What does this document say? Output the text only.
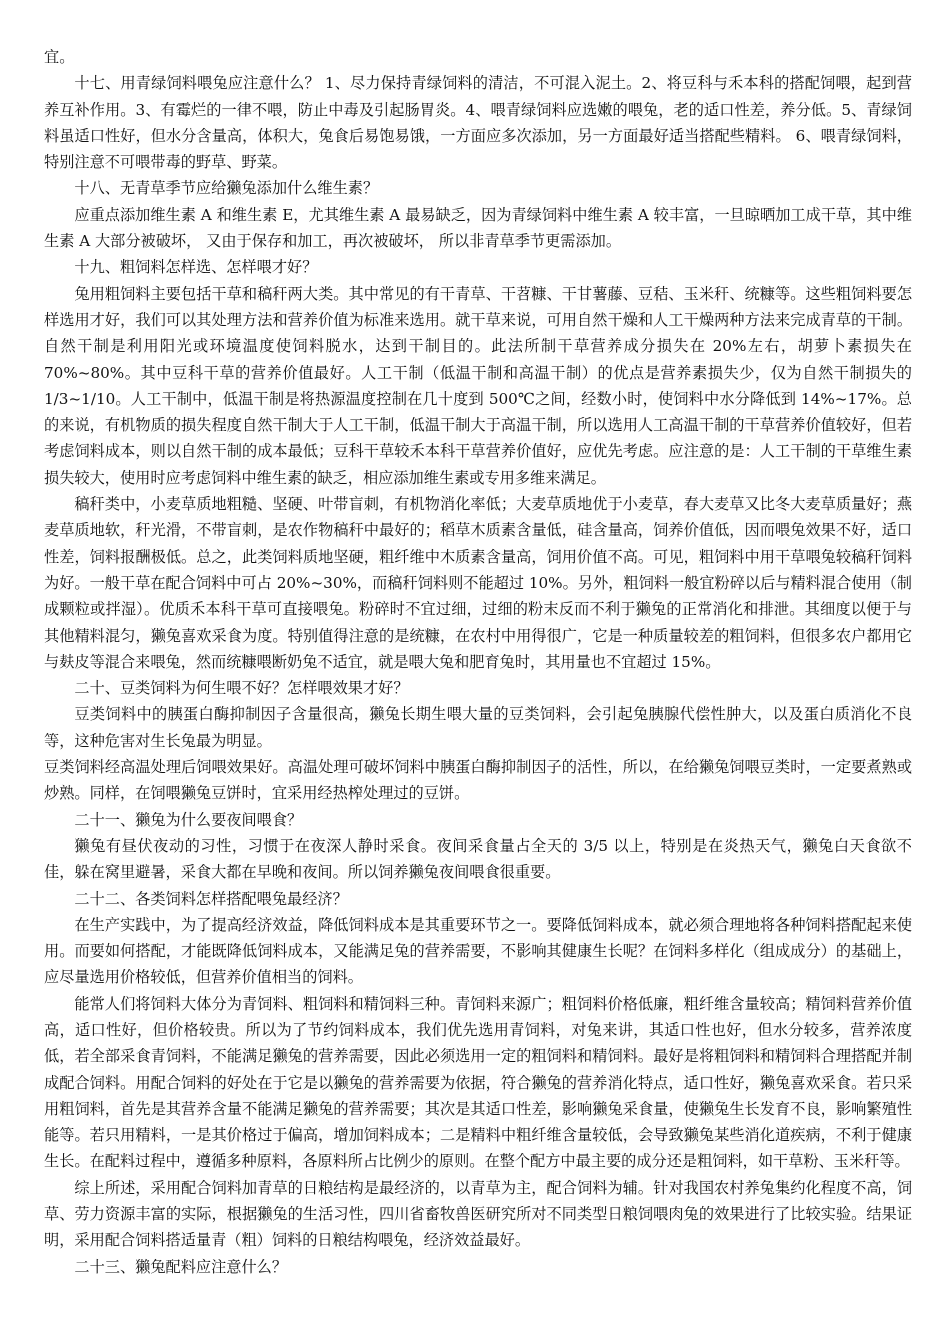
宜。

十七、用青绿饲料喂兔应注意什么？ 1、尽力保持青绿饲料的清洁，不可混入泥土。2、将豆科与禾本科的搭配饲喂，起到营养互补作用。3、有霉烂的一律不喂，防止中毒及引起肠胃炎。4、喂青绿饲料应选嫩的喂兔，老的适口性差，养分低。5、青绿饲料虽适口性好，但水分含量高，体积大，兔食后易饱易饿，一方面应多次添加，另一方面最好适当搭配些精料。 6、喂青绿饲料，特别注意不可喂带毒的野草、野菜。

十八、无青草季节应给獭兔添加什么维生素？

应重点添加维生素 A 和维生素 E，尤其维生素 A 最易缺乏，因为青绿饲料中维生素 A 较丰富，一旦晾晒加工成干草，其中维生素 A 大部分被破坏， 又由于保存和加工，再次被破坏， 所以非青草季节更需添加。

十九、粗饲料怎样选、怎样喂才好？

兔用粗饲料主要包括干草和稿秆两大类。其中常见的有干青草、干苕糠、干甘薯藤、豆秸、玉米秆、统糠等。这些粗饲料要怎样选用才好，我们可以其处理方法和营养价值为标准来选用。就干草来说，可用自然干燥和人工干燥两种方法来完成青草的干制。自然干制是利用阳光或环境温度使饲料脱水，达到干制目的。此法所制干草营养成分损失在 20%左右，胡萝卜素损失在 70%~80%。其中豆科干草的营养价值最好。人工干制（低温干制和高温干制）的优点是营养素损失少，仅为自然干制损失的 1/3~1/10。人工干制中，低温干制是将热源温度控制在几十度到 500℃之间，经数小时，使饲料中水分降低到 14%~17%。总的来说，有机物质的损失程度自然干制大于人工干制，低温干制大于高温干制，所以选用人工高温干制的干草营养价值较好，但若考虑饲料成本，则以自然干制的成本最低；豆科干草较禾本科干草营养价值好，应优先考虑。应注意的是：人工干制的干草维生素损失较大，使用时应考虑饲料中维生素的缺乏，相应添加维生素或专用多维来满足。

稿秆类中，小麦草质地粗糙、坚硬、叶带盲刺，有机物消化率低；大麦草质地优于小麦草，春大麦草又比冬大麦草质量好；燕麦草质地软，秆光滑，不带盲刺，是农作物稿秆中最好的；稻草木质素含量低，硅含量高，饲养价值低，因而喂兔效果不好，适口性差，饲料报酬极低。总之，此类饲料质地坚硬，粗纤维中木质素含量高，饲用价值不高。可见，粗饲料中用干草喂兔较稿秆饲料为好。一般干草在配合饲料中可占 20%~30%，而稿秆饲料则不能超过 10%。另外，粗饲料一般宜粉碎以后与精料混合使用（制成颗粒或拌湿）。优质禾本科干草可直接喂兔。粉碎时不宜过细，过细的粉末反而不利于獭兔的正常消化和排泄。其细度以便于与其他精料混匀，獭兔喜欢采食为度。特别值得注意的是统糠，在农村中用得很广，它是一种质量较差的粗饲料，但很多农户都用它与麸皮等混合来喂兔，然而统糠喂断奶兔不适宜，就是喂大兔和肥育兔时，其用量也不宜超过 15%。

二十、豆类饲料为何生喂不好？怎样喂效果才好？

豆类饲料中的胰蛋白酶抑制因子含量很高，獭兔长期生喂大量的豆类饲料，会引起兔胰腺代偿性肿大，以及蛋白质消化不良等，这种危害对生长兔最为明显。

豆类饲料经高温处理后饲喂效果好。高温处理可破坏饲料中胰蛋白酶抑制因子的活性，所以，在给獭兔饲喂豆类时，一定要煮熟或炒熟。同样，在饲喂獭兔豆饼时，宜采用经热榨处理过的豆饼。

二十一、獭兔为什么要夜间喂食？

獭兔有昼伏夜动的习性，习惯于在夜深人静时采食。夜间采食量占全天的 3/5 以上，特别是在炎热天气，獭兔白天食欲不佳，躲在窝里避暑，采食大都在早晚和夜间。所以饲养獭兔夜间喂食很重要。

二十二、各类饲料怎样搭配喂兔最经济？

在生产实践中，为了提高经济效益，降低饲料成本是其重要环节之一。要降低饲料成本，就必须合理地将各种饲料搭配起来使用。而要如何搭配，才能既降低饲料成本，又能满足兔的营养需要，不影响其健康生长呢？在饲料多样化（组成成分）的基础上，应尽量选用价格较低，但营养价值相当的饲料。

能常人们将饲料大体分为青饲料、粗饲料和精饲料三种。青饲料来源广；粗饲料价格低廉，粗纤维含量较高；精饲料营养价值高，适口性好，但价格较贵。所以为了节约饲料成本，我们优先选用青饲料，对兔来讲，其适口性也好，但水分较多，营养浓度低，若全部采食青饲料，不能满足獭兔的营养需要，因此必须选用一定的粗饲料和精饲料。最好是将粗饲料和精饲料合理搭配并制成配合饲料。用配合饲料的好处在于它是以獭兔的营养需要为依据，符合獭兔的营养消化特点，适口性好，獭兔喜欢采食。若只采用粗饲料，首先是其营养含量不能满足獭兔的营养需要；其次是其适口性差，影响獭兔采食量，使獭兔生长发育不良，影响繁殖性能等。若只用精料，一是其价格过于偏高，增加饲料成本；二是精料中粗纤维含量较低，会导致獭兔某些消化道疾病，不利于健康生长。在配料过程中，遵循多种原料，各原料所占比例少的原则。在整个配方中最主要的成分还是粗饲料，如干草粉、玉米秆等。

综上所述，采用配合饲料加青草的日粮结构是最经济的，以青草为主，配合饲料为辅。针对我国农村养兔集约化程度不高，饲草、劳力资源丰富的实际，根据獭兔的生活习性，四川省畜牧兽医研究所对不同类型日粮饲喂肉兔的效果进行了比较实验。结果证明，采用配合饲料搭适量青（粗）饲料的日粮结构喂兔，经济效益最好。

二十三、獭兔配料应注意什么？
